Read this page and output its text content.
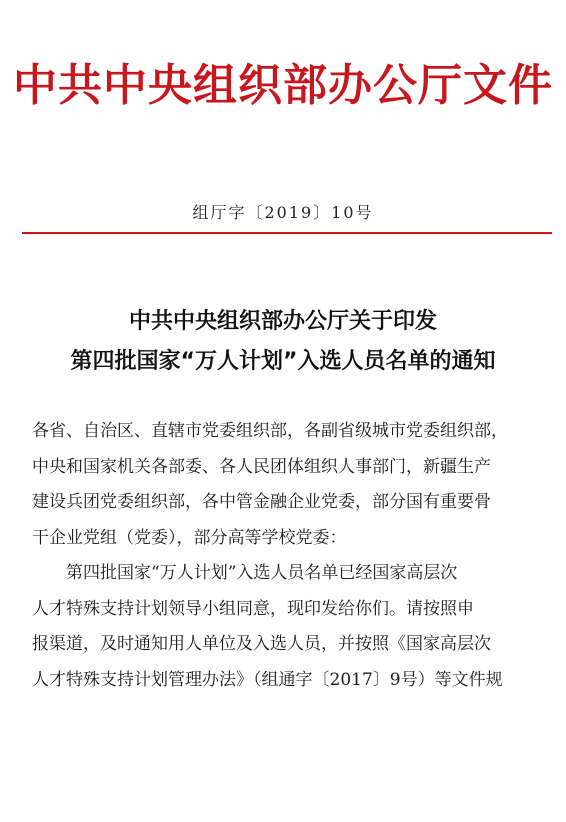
中共中央组织部办公厅文件
组厅字〔2019〕10号
中共中央组织部办公厅关于印发
第四批国家“万人计划”入选人员名单的通知
各省、自治区、直辖市党委组织部，各副省级城市党委组织部，
中央和国家机关各部委、各人民团体组织人事部门，新疆生产
建设兵团党委组织部，各中管金融企业党委，部分国有重要骨
干企业党组（党委），部分高等学校党委：
第四批国家“万人计划”入选人员名单已经国家高层次
人才特殊支持计划领导小组同意，现印发给你们。请按照申
报渠道，及时通知用人单位及入选人员，并按照《国家高层次
人才特殊支持计划管理办法》（组通字〔2017〕9号）等文件规
